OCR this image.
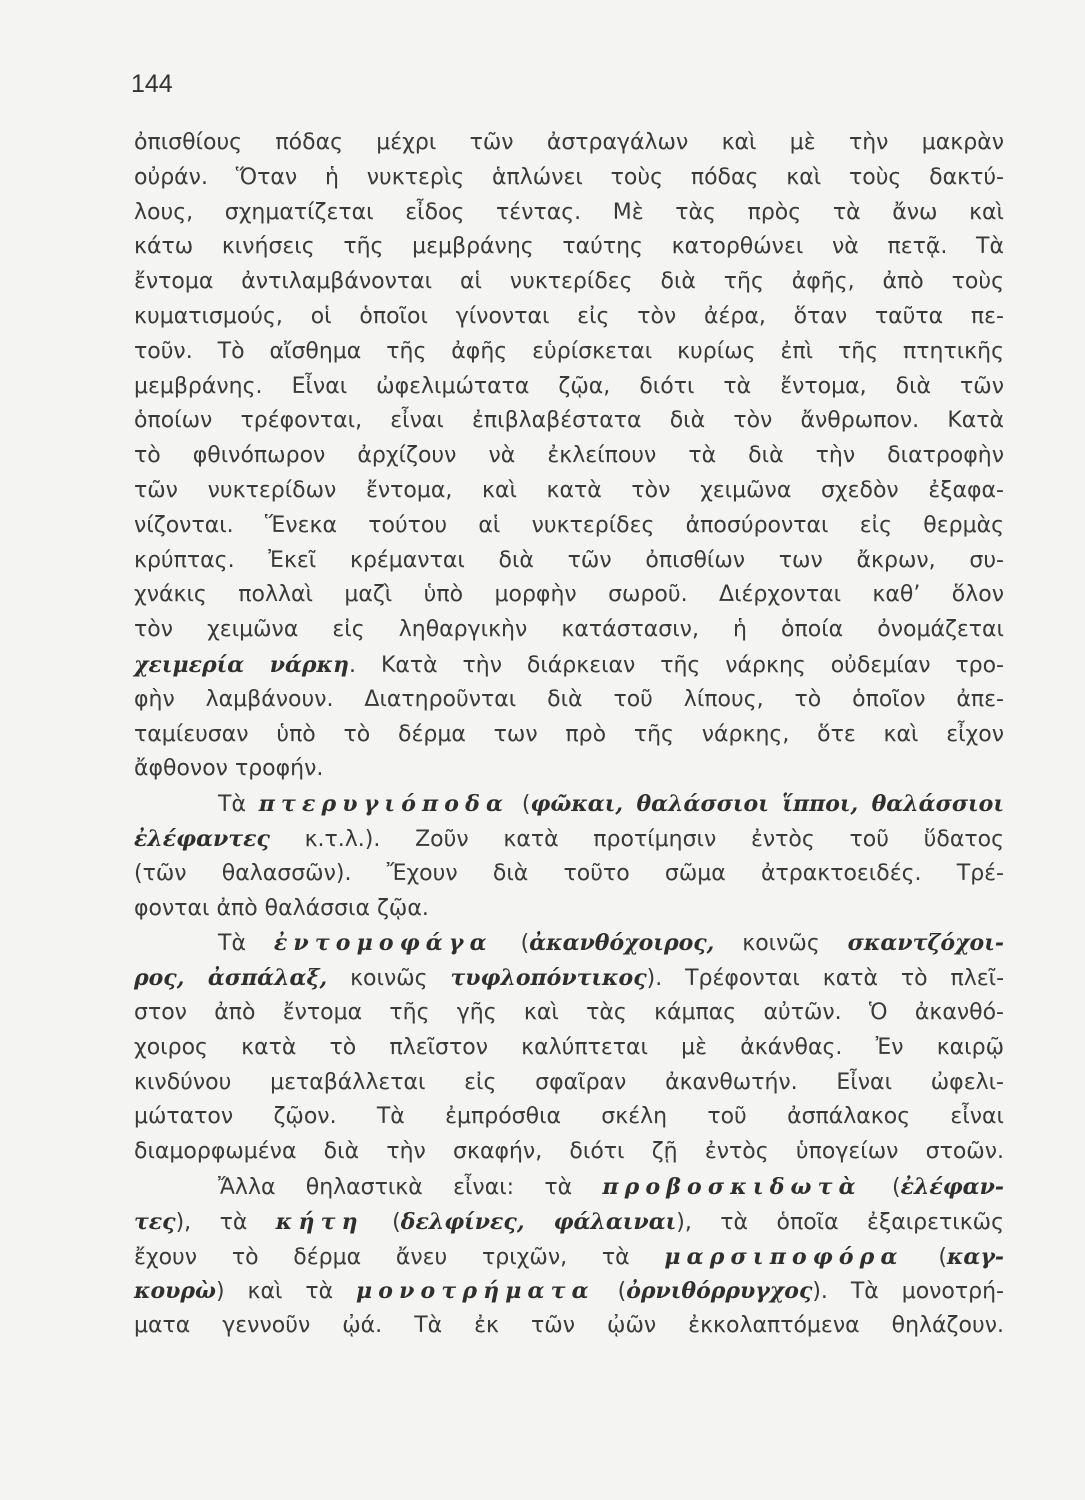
144
ὀπισθίους πόδας μέχρι τῶν ἀστραγάλων καὶ μὲ τὴν μακρὰν
οὐράν. Ὅταν ἡ νυκτερὶς ἁπλώνει τοὺς πόδας καὶ τοὺς δακτύ-
λους, σχηματίζεται εἶδος τέντας. Μὲ τὰς πρὸς τὰ ἄνω καὶ
κάτω κινήσεις τῆς μεμβράνης ταύτης κατορθώνει νὰ πετᾷ. Τὰ
ἔντομα ἀντιλαμβάνονται αἱ νυκτερίδες διὰ τῆς ἀφῆς, ἀπὸ τοὺς
κυματισμούς, οἱ ὁποῖοι γίνονται εἰς τὸν ἀέρα, ὅταν ταῦτα πε-
τοῦν. Τὸ αἴσθημα τῆς ἀφῆς εὑρίσκεται κυρίως ἐπὶ τῆς πτητικῆς
μεμβράνης. Εἶναι ὠφελιμώτατα ζῷα, διότι τὰ ἔντομα, διὰ τῶν
ὁποίων τρέφονται, εἶναι ἐπιβλαβέστατα διὰ τὸν ἄνθρωπον. Κατὰ
τὸ φθινόπωρον ἀρχίζουν νὰ ἐκλείπουν τὰ διὰ τὴν διατροφὴν
τῶν νυκτερίδων ἔντομα, καὶ κατὰ τὸν χειμῶνα σχεδὸν ἐξαφα-
νίζονται. Ἕνεκα τούτου αἱ νυκτερίδες ἀποσύρονται εἰς θερμὰς
κρύπτας. Ἐκεῖ κρέμανται διὰ τῶν ὀπισθίων των ἄκρων, συ-
χνάκις πολλαὶ μαζὶ ὑπὸ μορφὴν σωροῦ. Διέρχονται καθ’ ὅλον
τὸν χειμῶνα εἰς ληθαργικὴν κατάστασιν, ἡ ὁποία ὀνομάζεται
χειμερία νάρκη. Κατὰ τὴν διάρκειαν τῆς νάρκης οὐδεμίαν τρο-
φὴν λαμβάνουν. Διατηροῦνται διὰ τοῦ λίπους, τὸ ὁποῖον ἀπε-
ταμίευσαν ὑπὸ τὸ δέρμα των πρὸ τῆς νάρκης, ὅτε καὶ εἶχον
ἄφθονον τροφήν.
Τὰ πτερυγιόποδα (φῶκαι, θαλάσσιοι ἵπποι, θαλάσσιοι
ἐλέφαντες κ.τ.λ.). Ζοῦν κατὰ προτίμησιν ἐντὸς τοῦ ὕδατος
(τῶν θαλασσῶν). Ἔχουν διὰ τοῦτο σῶμα ἀτρακτοειδές. Τρέ-
φονται ἀπὸ θαλάσσια ζῷα.
Τὰ ἐντομοφάγα (ἀκανθόχοιρος, κοινῶς σκαντζόχοι-
ρος, ἀσπάλαξ, κοινῶς τυφλοπόντικος). Τρέφονται κατὰ τὸ πλεῖ-
στον ἀπὸ ἔντομα τῆς γῆς καὶ τὰς κάμπας αὐτῶν. Ὁ ἀκανθό-
χοιρος κατὰ τὸ πλεῖστον καλύπτεται μὲ ἀκάνθας. Ἐν καιρῷ
κινδύνου μεταβάλλεται εἰς σφαῖραν ἀκανθωτήν. Εἶναι ὠφελι-
μώτατον ζῷον. Τὰ ἐμπρόσθια σκέλη τοῦ ἀσπάλακος εἶναι
διαμορφωμένα διὰ τὴν σκαφήν, διότι ζῇ ἐντὸς ὑπογείων στοῶν.
Ἄλλα θηλαστικὰ εἶναι: τὰ προβοσκιδωτὰ (ἐλέφαν-
τες), τὰ κήτη (δελφίνες, φάλαιναι), τὰ ὁποῖα ἐξαιρετικῶς
ἔχουν τὸ δέρμα ἄνευ τριχῶν, τὰ μαρσιποφόρα (καγ-
κουρὼ) καὶ τὰ μονοτρήματα (ὀρνιθόρρυγχος). Τὰ μονοτρή-
ματα γεννοῦν ᾠά. Τὰ ἐκ τῶν ᾠῶν ἐκκολαπτόμενα θηλάζουν.
